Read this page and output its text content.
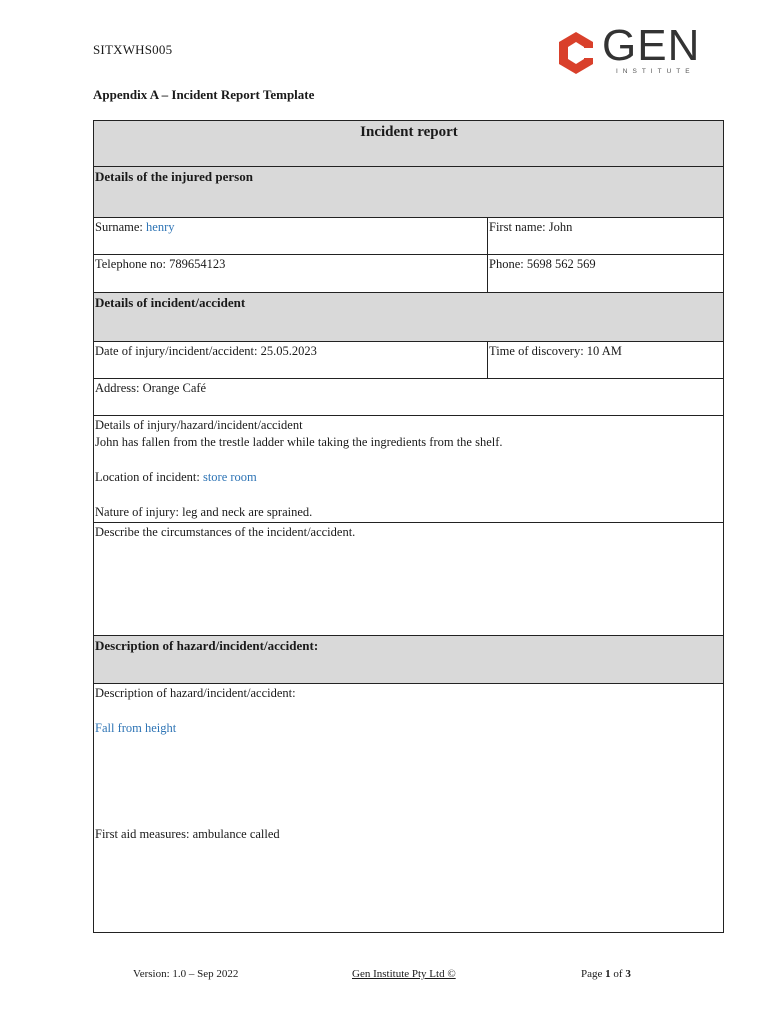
SITXWHS005	GEN
INSTITUTE
Appendix A – Incident Report Template
Incident report
Details of the injured person
Surname: henry	First name: John
Telephone no: 789654123	Phone: 5698 562 569
Details of incident/accident
Date of injury/incident/accident: 25.05.2023	Time of discovery: 10 AM
Address: Orange Café
Details of injury/hazard/incident/accident
John has fallen from the trestle ladder while taking the ingredients from the shelf.
Location of incident: store room
Nature of injury: leg and neck are sprained.
Describe the circumstances of the incident/accident.
Description of hazard/incident/accident:
Description of hazard/incident/accident:
Fall from height
First aid measures: ambulance called
Version: 1.0 – Sep 2022	Gen Institute Pty Ltd ©	Page 1 of 3
